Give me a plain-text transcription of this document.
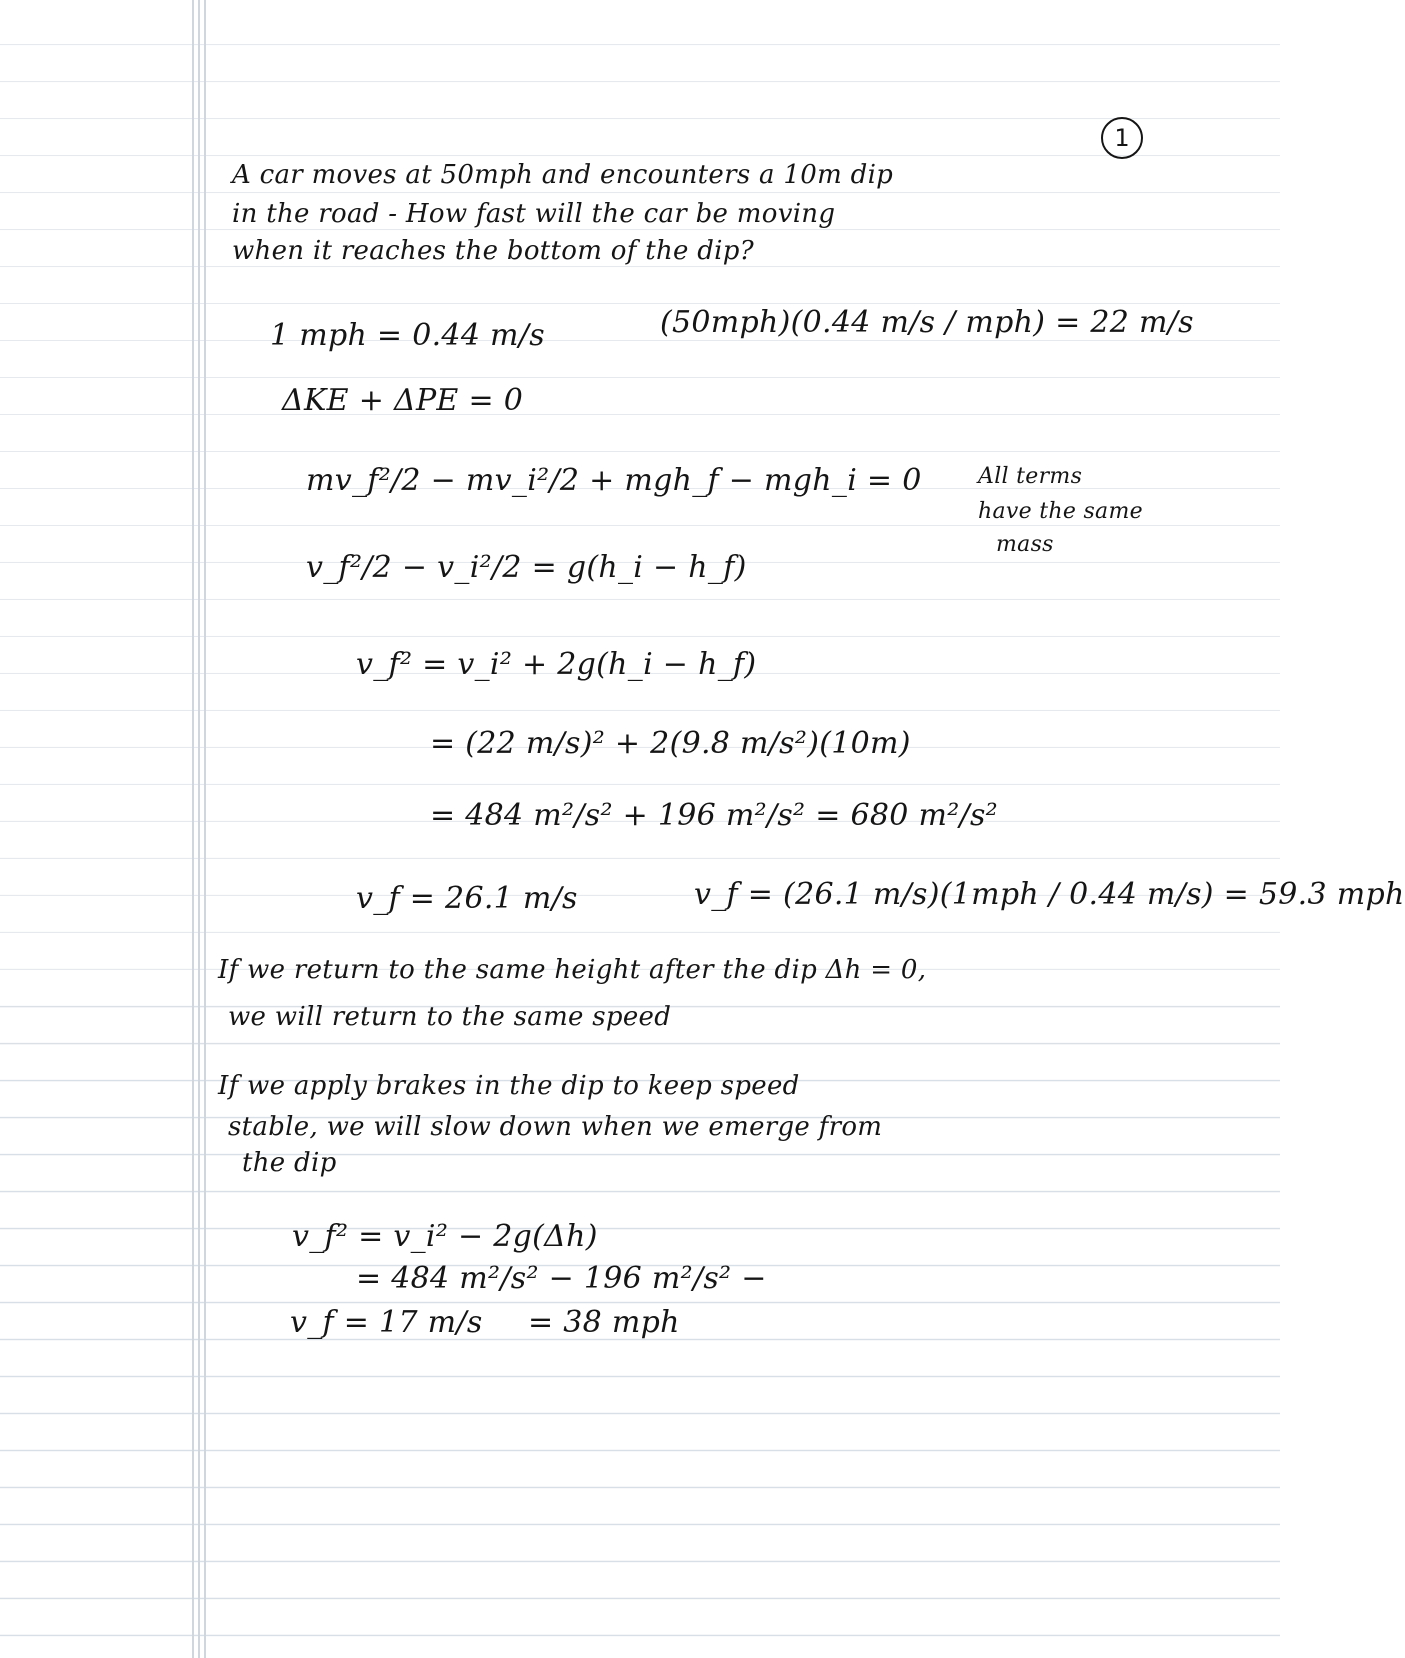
1
A car moves at 50mph and encounters a 10m dip
in the road - How fast will the car be moving
when it reaches the bottom of the dip?
1 mph = 0.44 m/s	(50mph)(0.44 m/s / mph) = 22 m/s
ΔKE + ΔPE = 0
mv_f²/2 − mv_i²/2 + mgh_f − mgh_i = 0
v_f²/2 − v_i²/2 = g(h_i − h_f)
v_f² = v_i² + 2g(h_i − h_f)
= (22 m/s)² + 2(9.8 m/s²)(10m)
= 484 m²/s² + 196 m²/s² = 680 m²/s²
v_f = 26.1 m/s	v_f = (26.1 m/s)(1mph / 0.44 m/s) = 59.3 mph
All terms
have the same
mass
If we return to the same height after the dip Δh = 0,
we will return to the same speed
If we apply brakes in the dip to keep speed
stable, we will slow down when we emerge from
the dip
v_f² = v_i² − 2g(Δh)
= 484 m²/s² − 196 m²/s² −
v_f = 17 m/s = 38 mph
